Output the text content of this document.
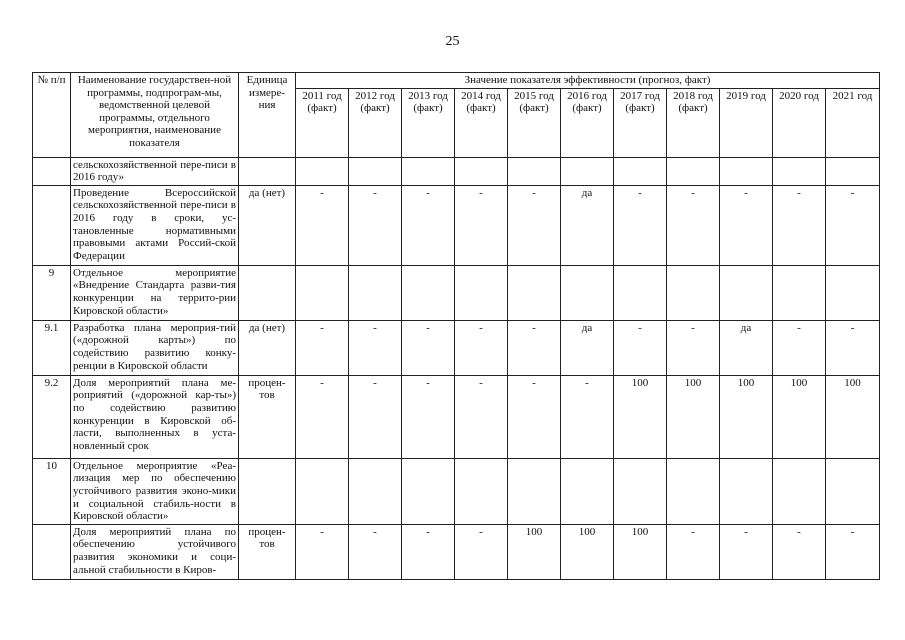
25
№ п/п	Наименование государствен-ной программы, подпрограм-мы, ведомственной целевой программы, отдельного мероприятия, наименование показателя	Единица измере-ния	Значение показателя эффективности (прогноз, факт)										
			2011 год (факт)	2012 год (факт)	2013 год (факт)	2014 год (факт)	2015 год (факт)	2016 год (факт)	2017 год (факт)	2018 год (факт)	2019 год	2020 год	2021 год
	сельскохозяйственной пере-писи в 2016 году»												
	Проведение Всероссийской сельскохозяйственной пере-писи в 2016 году в сроки, ус-тановленные нормативными правовыми актами Россий-ской Федерации	да (нет)	-	-	-	-	-	да	-	-	-	-	-
9	Отдельное мероприятие «Внедрение Стандарта разви-тия конкуренции на террито-рии Кировской области»												
9.1	Разработка плана мероприя-тий («дорожной карты») по содействию развитию конку-ренции в Кировской области	да (нет)	-	-	-	-	-	да	-	-	да	-	-
9.2	Доля мероприятий плана ме-роприятий («дорожной кар-ты») по содействию развитию конкуренции в Кировской об-ласти, выполненных в уста-новленный срок	процен-тов	-	-	-	-	-	-	100	100	100	100	100
10	Отдельное мероприятие «Реа-лизация мер по обеспечению устойчивого развития эконо-мики и социальной стабиль-ности в Кировской области»												
	Доля мероприятий плана по обеспечению устойчивого развития экономики и соци-альной стабильности в Киров-	процен-тов	-	-	-	-	100	100	100	-	-	-	-
